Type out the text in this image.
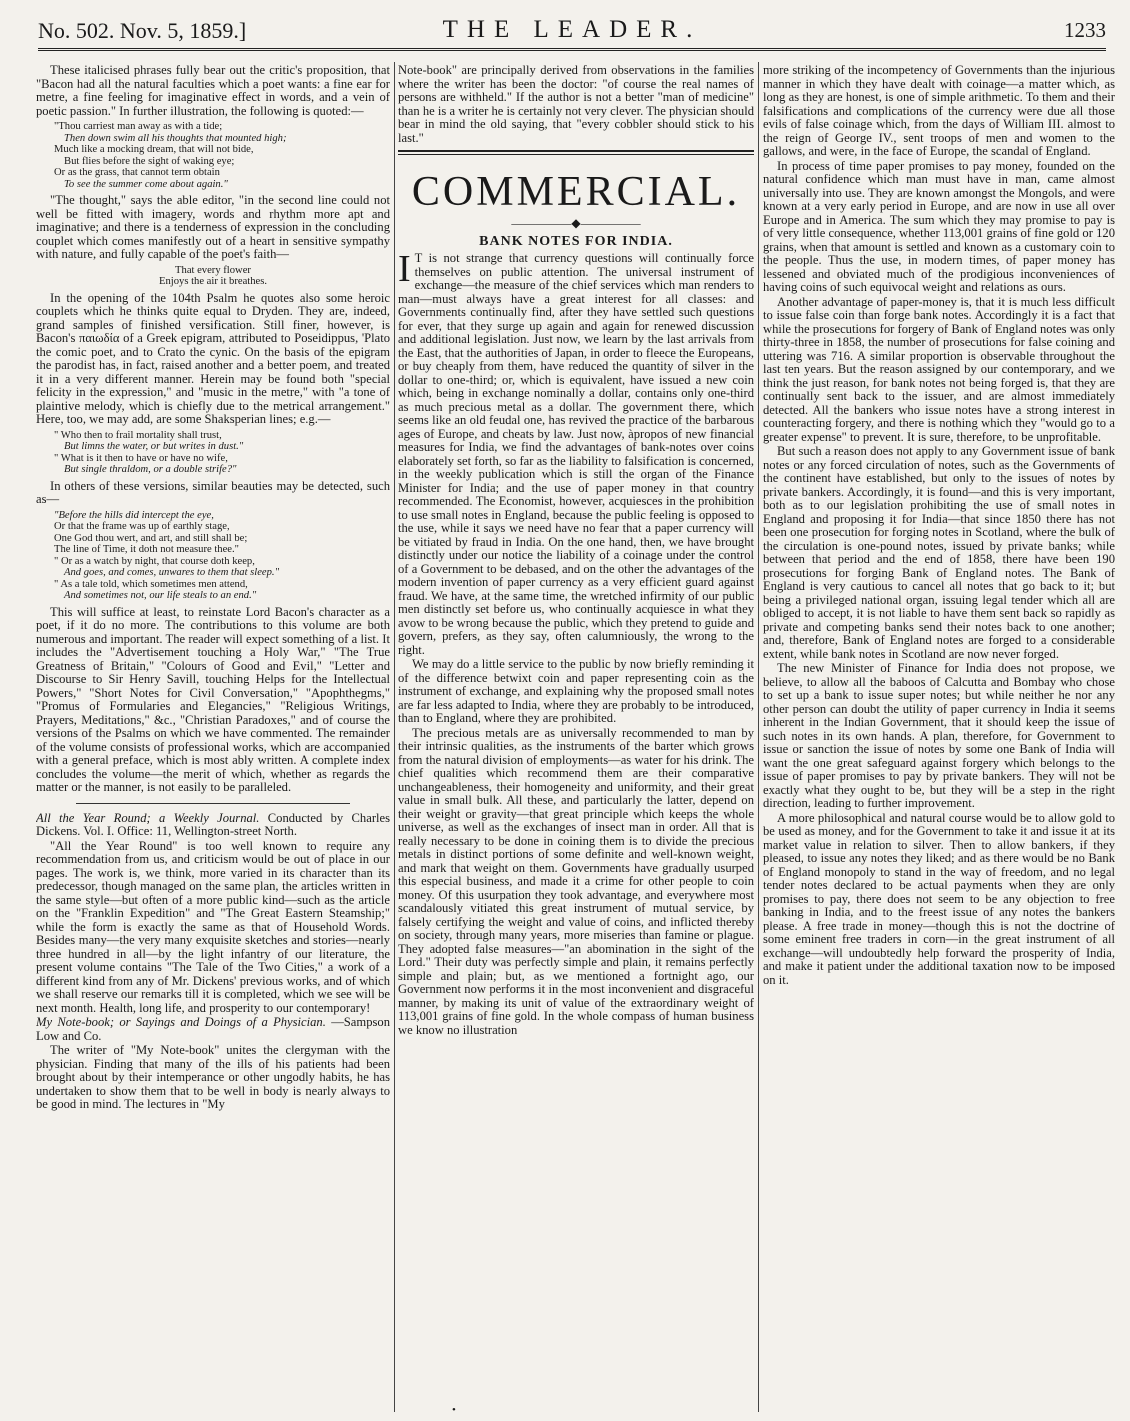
No. 502. Nov. 5, 1859.]	THE LEADER.	1233

These italicised phrases fully bear out the critic's proposition, that "Bacon had all the natural faculties which a poet wants: a fine ear for metre, a fine feeling for imaginative effect in words, and a vein of poetic passion." In further illustration, the following is quoted:—

"Thou carriest man away as with a tide;
Then down swim all his thoughts that mounted high;
Much like a mocking dream, that will not bide,
But flies before the sight of waking eye;
Or as the grass, that cannot term obtain
To see the summer come about again."

"The thought," says the able editor, "in the second line could not well be fitted with imagery, words and rhythm more apt and imaginative; and there is a tenderness of expression in the concluding couplet which comes manifestly out of a heart in sensitive sympathy with nature, and fully capable of the poet's faith—

That every flower
Enjoys the air it breathes.

In the opening of the 104th Psalm he quotes also some heroic couplets which he thinks quite equal to Dryden. They are, indeed, grand samples of finished versification. Still finer, however, is Bacon's παιωδία of a Greek epigram, attributed to Poseidippus, 'Plato the comic poet, and to Crato the cynic. On the basis of the epigram the parodist has, in fact, raised another and a better poem, and treated it in a very different manner. Herein may be found both "special felicity in the expression," and "music in the metre," with "a tone of plaintive melody, which is chiefly due to the metrical arrangement." Here, too, we may add, are some Shaksperian lines; e.g.—

" Who then to frail mortality shall trust,
But limns the water, or but writes in dust."
" What is it then to have or have no wife,
But single thraldom, or a double strife?"

In others of these versions, similar beauties may be detected, such as—

"Before the hills did intercept the eye,
Or that the frame was up of earthly stage,
One God thou wert, and art, and still shall be;
The line of Time, it doth not measure thee."
" Or as a watch by night, that course doth keep,
And goes, and comes, unwares to them that sleep."
" As a tale told, which sometimes men attend,
And sometimes not, our life steals to an end."

This will suffice at least, to reinstate Lord Bacon's character as a poet, if it do no more. The contributions to this volume are both numerous and important. The reader will expect something of a list. It includes the "Advertisement touching a Holy War," "The True Greatness of Britain," "Colours of Good and Evil," "Letter and Discourse to Sir Henry Savill, touching Helps for the Intellectual Powers," "Short Notes for Civil Conversation," "Apophthegms," "Promus of Formularies and Elegancies," "Religious Writings, Prayers, Meditations," &c., "Christian Paradoxes," and of course the versions of the Psalms on which we have commented. The remainder of the volume consists of professional works, which are accompanied with a general preface, which is most ably written. A complete index concludes the volume—the merit of which, whether as regards the matter or the manner, is not easily to be paralleled.

All the Year Round; a Weekly Journal. Conducted by Charles Dickens. Vol. I. Office: 11, Wellington-street North.

"All the Year Round" is too well known to require any recommendation from us, and criticism would be out of place in our pages. The work is, we think, more varied in its character than its predecessor, though managed on the same plan, the articles written in the same style—but often of a more public kind—such as the article on the "Franklin Expedition" and "The Great Eastern Steamship;" while the form is exactly the same as that of Household Words. Besides many—the very many exquisite sketches and stories—nearly three hundred in all—by the light infantry of our literature, the present volume contains "The Tale of the Two Cities," a work of a different kind from any of Mr. Dickens' previous works, and of which we shall reserve our remarks till it is completed, which we see will be next month. Health, long life, and prosperity to our contemporary!

My Note-book; or Sayings and Doings of a Physician. —Sampson Low and Co.

The writer of "My Note-book" unites the clergyman with the physician. Finding that many of the ills of his patients had been brought about by their intemperance or other ungodly habits, he has undertaken to show them that to be well in body is nearly always to be good in mind. The lectures in "My

Note-book" are principally derived from observations in the families where the writer has been the doctor: "of course the real names of persons are withheld." If the author is not a better "man of medicine" than he is a writer he is certainly not very clever. The physician should bear in mind the old saying, that "every cobbler should stick to his last."

COMMERCIAL.
—————◆—————
BANK NOTES FOR INDIA.

I T is not strange that currency questions will continually force themselves on public attention. The universal instrument of exchange—the measure of the chief services which man renders to man—must always have a great interest for all classes: and Governments continually find, after they have settled such questions for ever, that they surge up again and again for renewed discussion and additional legislation. Just now, we learn by the last arrivals from the East, that the authorities of Japan, in order to fleece the Europeans, or buy cheaply from them, have reduced the quantity of silver in the dollar to one-third; or, which is equivalent, have issued a new coin which, being in exchange nominally a dollar, contains only one-third as much precious metal as a dollar. The government there, which seems like an old feudal one, has revived the practice of the barbarous ages of Europe, and cheats by law. Just now, àpropos of new financial measures for India, we find the advantages of bank-notes over coins elaborately set forth, so far as the liability to falsification is concerned, in the weekly publication which is still the organ of the Finance Minister for India; and the use of paper money in that country recommended. The Economist, however, acquiesces in the prohibition to use small notes in England, because the public feeling is opposed to the use, while it says we need have no fear that a paper currency will be vitiated by fraud in India. On the one hand, then, we have brought distinctly under our notice the liability of a coinage under the control of a Government to be debased, and on the other the advantages of the modern invention of paper currency as a very efficient guard against fraud. We have, at the same time, the wretched infirmity of our public men distinctly set before us, who continually acquiesce in what they avow to be wrong because the public, which they pretend to guide and govern, prefers, as they say, often calumniously, the wrong to the right.

We may do a little service to the public by now briefly reminding it of the difference betwixt coin and paper representing coin as the instrument of exchange, and explaining why the proposed small notes are far less adapted to India, where they are probably to be introduced, than to England, where they are prohibited.

The precious metals are as universally recommended to man by their intrinsic qualities, as the instruments of the barter which grows from the natural division of employments—as water for his drink. The chief qualities which recommend them are their comparative unchangeableness, their homogeneity and uniformity, and their great value in small bulk. All these, and particularly the latter, depend on their weight or gravity—that great principle which keeps the whole universe, as well as the exchanges of insect man in order. All that is really necessary to be done in coining them is to divide the precious metals in distinct portions of some definite and well-known weight, and mark that weight on them. Governments have gradually usurped this especial business, and made it a crime for other people to coin money. Of this usurpation they took advantage, and everywhere most scandalously vitiated this great instrument of mutual service, by falsely certifying the weight and value of coins, and inflicted thereby on society, through many years, more miseries than famine or plague. They adopted false measures—"an abomination in the sight of the Lord." Their duty was perfectly simple and plain, it remains perfectly simple and plain; but, as we mentioned a fortnight ago, our Government now performs it in the most inconvenient and disgraceful manner, by making its unit of value of the extraordinary weight of 113,001 grains of fine gold. In the whole compass of human business we know no illustration

more striking of the incompetency of Governments than the injurious manner in which they have dealt with coinage—a matter which, as long as they are honest, is one of simple arithmetic. To them and their falsifications and complications of the currency were due all those evils of false coinage which, from the days of William III. almost to the reign of George IV., sent troops of men and women to the gallows, and were, in the face of Europe, the scandal of England.

In process of time paper promises to pay money, founded on the natural confidence which man must have in man, came almost universally into use. They are known amongst the Mongols, and were known at a very early period in Europe, and are now in use all over Europe and in America. The sum which they may promise to pay is of very little consequence, whether 113,001 grains of fine gold or 120 grains, when that amount is settled and known as a customary coin to the people. Thus the use, in modern times, of paper money has lessened and obviated much of the prodigious inconveniences of having coins of such equivocal weight and relations as ours.

Another advantage of paper-money is, that it is much less difficult to issue false coin than forge bank notes. Accordingly it is a fact that while the prosecutions for forgery of Bank of England notes was only thirty-three in 1858, the number of prosecutions for false coining and uttering was 716. A similar proportion is observable throughout the last ten years. But the reason assigned by our contemporary, and we think the just reason, for bank notes not being forged is, that they are continually sent back to the issuer, and are almost immediately detected. All the bankers who issue notes have a strong interest in counteracting forgery, and there is nothing which they "would go to a greater expense" to prevent. It is sure, therefore, to be unprofitable.

But such a reason does not apply to any Government issue of bank notes or any forced circulation of notes, such as the Governments of the continent have established, but only to the issues of notes by private bankers. Accordingly, it is found—and this is very important, both as to our legislation prohibiting the use of small notes in England and proposing it for India—that since 1850 there has not been one prosecution for forging notes in Scotland, where the bulk of the circulation is one-pound notes, issued by private banks; while between that period and the end of 1858, there have been 190 prosecutions for forging Bank of England notes. The Bank of England is very cautious to cancel all notes that go back to it; but being a privileged national organ, issuing legal tender which all are obliged to accept, it is not liable to have them sent back so rapidly as private and competing banks send their notes back to one another; and, therefore, Bank of England notes are forged to a considerable extent, while bank notes in Scotland are now never forged.

The new Minister of Finance for India does not propose, we believe, to allow all the baboos of Calcutta and Bombay who chose to set up a bank to issue super notes; but while neither he nor any other person can doubt the utility of paper currency in India it seems inherent in the Indian Government, that it should keep the issue of such notes in its own hands. A plan, therefore, for Government to issue or sanction the issue of notes by some one Bank of India will want the one great safeguard against forgery which belongs to the issue of paper promises to pay by private bankers. They will not be exactly what they ought to be, but they will be a step in the right direction, leading to further improvement.

A more philosophical and natural course would be to allow gold to be used as money, and for the Government to take it and issue it at its market value in relation to silver. Then to allow bankers, if they pleased, to issue any notes they liked; and as there would be no Bank of England monopoly to stand in the way of freedom, and no legal tender notes declared to be actual payments when they are only promises to pay, there does not seem to be any objection to free banking in India, and to the freest issue of any notes the bankers please. A free trade in money—though this is not the doctrine of some eminent free traders in corn—in the great instrument of all exchange—will undoubtedly help forward the prosperity of India, and make it patient under the additional taxation now to be imposed on it.

•
